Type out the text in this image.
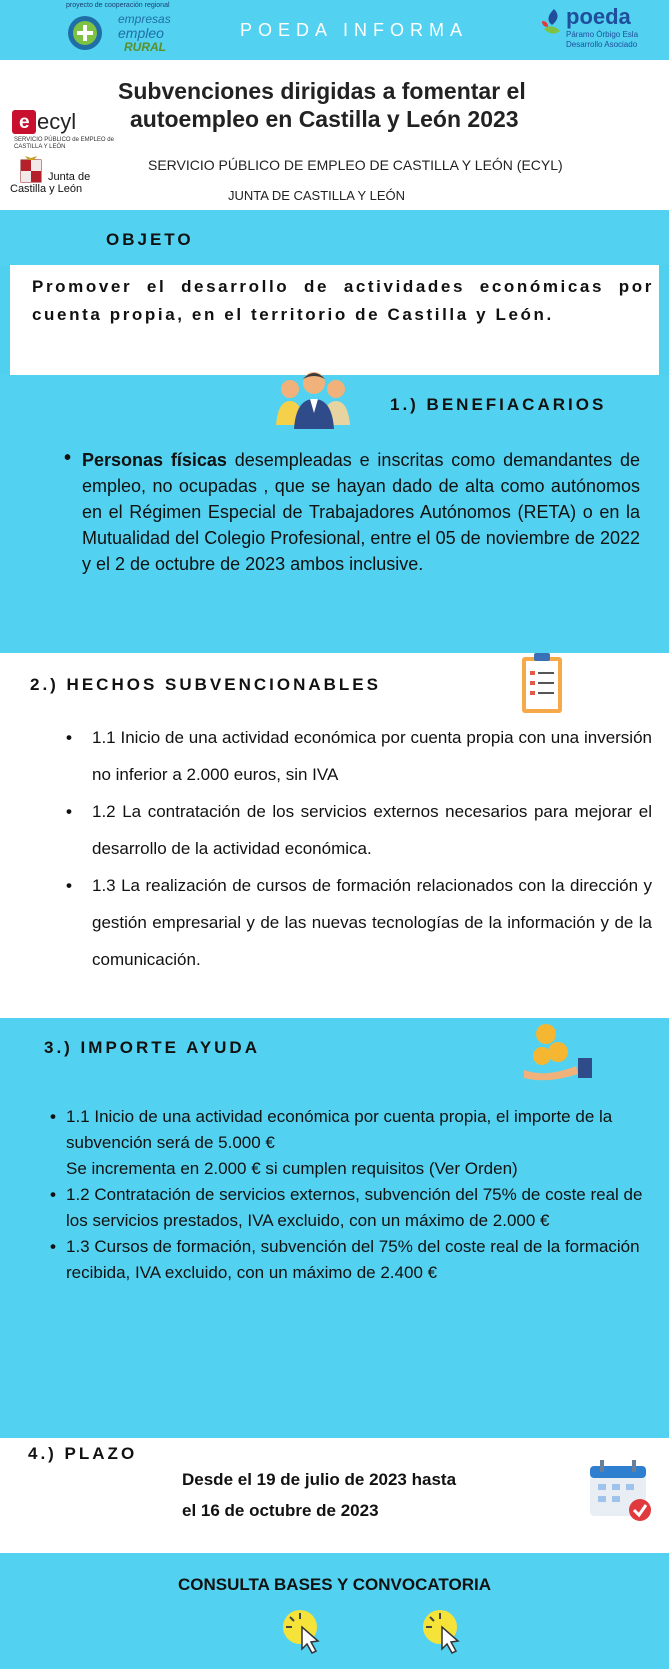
proyecto de cooperación regional
empresas
empleo
RURAL
POEDA INFORMA
poeda
Páramo Órbigo Esla
Desarrollo Asociado
e ecyl
SERVICIO PÚBLICO de EMPLEO de CASTILLA Y LEÓN
Junta de
Castilla y León
Subvenciones dirigidas a fomentar el
autoempleo en Castilla y León 2023
SERVICIO PÚBLICO DE EMPLEO DE CASTILLA Y LEÓN (ECYL)
JUNTA DE CASTILLA Y LEÓN
OBJETO
Promover el desarrollo de actividades económicas por cuenta propia, en el territorio de Castilla y León.
1.) BENEFIACARIOS
• Personas físicas desempleadas e inscritas como demandantes de empleo, no ocupadas , que se hayan dado de alta como autónomos en el Régimen Especial de Trabajadores Autónomos (RETA) o en la Mutualidad del Colegio Profesional, entre el 05 de noviembre de 2022 y el 2 de octubre de 2023 ambos inclusive.
2.) HECHOS SUBVENCIONABLES
• 1.1 Inicio de una actividad económica por cuenta propia con una inversión no inferior a 2.000 euros, sin IVA
• 1.2 La contratación de los servicios externos necesarios para mejorar el desarrollo de la actividad económica.
• 1.3 La realización de cursos de formación relacionados con la dirección y gestión empresarial y de las nuevas tecnologías de la información y de la comunicación.
3.) IMPORTE AYUDA
• 1.1 Inicio de una actividad económica por cuenta propia, el importe de la subvención será de 5.000 €
Se incrementa en 2.000 € si cumplen requisitos (Ver Orden)
• 1.2 Contratación de servicios externos, subvención del 75% de coste real de los servicios prestados, IVA excluido, con un máximo de 2.000 €
• 1.3 Cursos de formación, subvención del 75% del coste real de la formación recibida, IVA excluido, con un máximo de 2.400 €
4.) PLAZO
Desde el 19 de julio de 2023 hasta
el 16 de octubre de 2023
CONSULTA BASES Y CONVOCATORIA
